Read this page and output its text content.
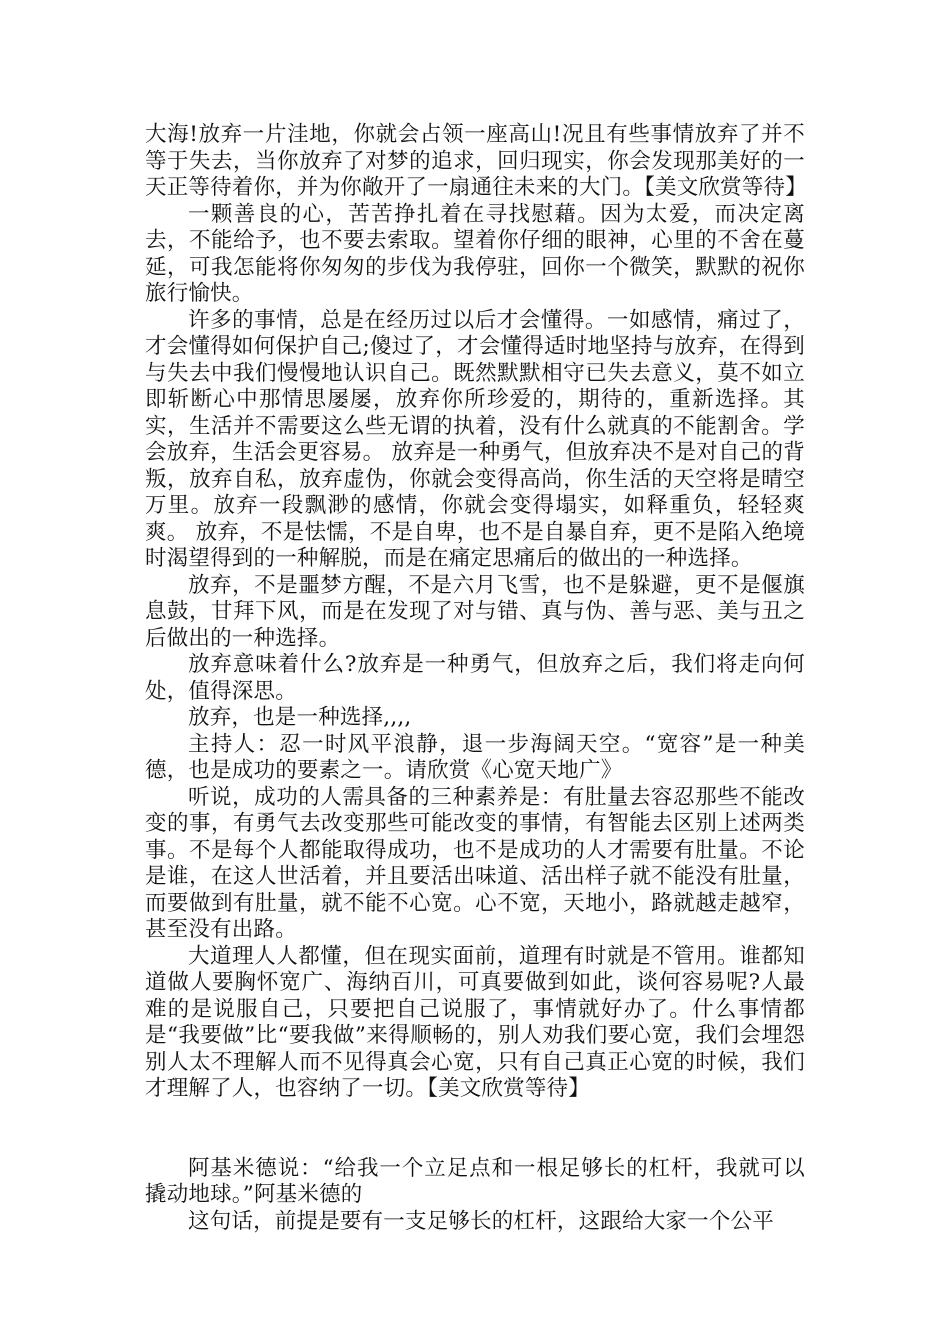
大海!放弃一片洼地，你就会占领一座高山!况且有些事情放弃了并不等于失去，当你放弃了对梦的追求，回归现实，你会发现那美好的一天正等待着你，并为你敞开了一扇通往未来的大门。【美文欣赏等待】

一颗善良的心，苦苦挣扎着在寻找慰藉。因为太爱，而决定离去，不能给予，也不要去索取。望着你仔细的眼神，心里的不舍在蔓延，可我怎能将你匆匆的步伐为我停驻，回你一个微笑，默默的祝你旅行愉快。

许多的事情，总是在经历过以后才会懂得。一如感情，痛过了，才会懂得如何保护自己;傻过了，才会懂得适时地坚持与放弃，在得到与失去中我们慢慢地认识自己。既然默默相守已失去意义，莫不如立即斩断心中那情思屡屡，放弃你所珍爱的，期待的，重新选择。其实，生活并不需要这么些无谓的执着，没有什么就真的不能割舍。学会放弃，生活会更容易。 放弃是一种勇气，但放弃决不是对自己的背叛，放弃自私，放弃虚伪，你就会变得高尚，你生活的天空将是晴空万里。放弃一段飘渺的感情，你就会变得塌实，如释重负，轻轻爽爽。 放弃，不是怯懦，不是自卑，也不是自暴自弃，更不是陷入绝境时渴望得到的一种解脱，而是在痛定思痛后的做出的一种选择。

放弃，不是噩梦方醒，不是六月飞雪，也不是躲避，更不是偃旗息鼓，甘拜下风，而是在发现了对与错、真与伪、善与恶、美与丑之后做出的一种选择。

放弃意味着什么?放弃是一种勇气，但放弃之后，我们将走向何处，值得深思。

放弃，也是一种选择,,,,

主持人：忍一时风平浪静，退一步海阔天空。“宽容”是一种美德，也是成功的要素之一。请欣赏《心宽天地广》

听说，成功的人需具备的三种素养是：有肚量去容忍那些不能改变的事，有勇气去改变那些可能改变的事情，有智能去区别上述两类事。不是每个人都能取得成功，也不是成功的人才需要有肚量。不论是谁，在这人世活着，并且要活出味道、活出样子就不能没有肚量，而要做到有肚量，就不能不心宽。心不宽，天地小，路就越走越窄，甚至没有出路。

大道理人人都懂，但在现实面前，道理有时就是不管用。谁都知道做人要胸怀宽广、海纳百川，可真要做到如此，谈何容易呢?人最难的是说服自己，只要把自己说服了，事情就好办了。什么事情都是“我要做”比“要我做”来得顺畅的，别人劝我们要心宽，我们会埋怨别人太不理解人而不见得真会心宽，只有自己真正心宽的时候，我们才理解了人，也容纳了一切。【美文欣赏等待】

阿基米德说：“给我一个立足点和一根足够长的杠杆，我就可以撬动地球。”阿基米德的

这句话，前提是要有一支足够长的杠杆，这跟给大家一个公平
